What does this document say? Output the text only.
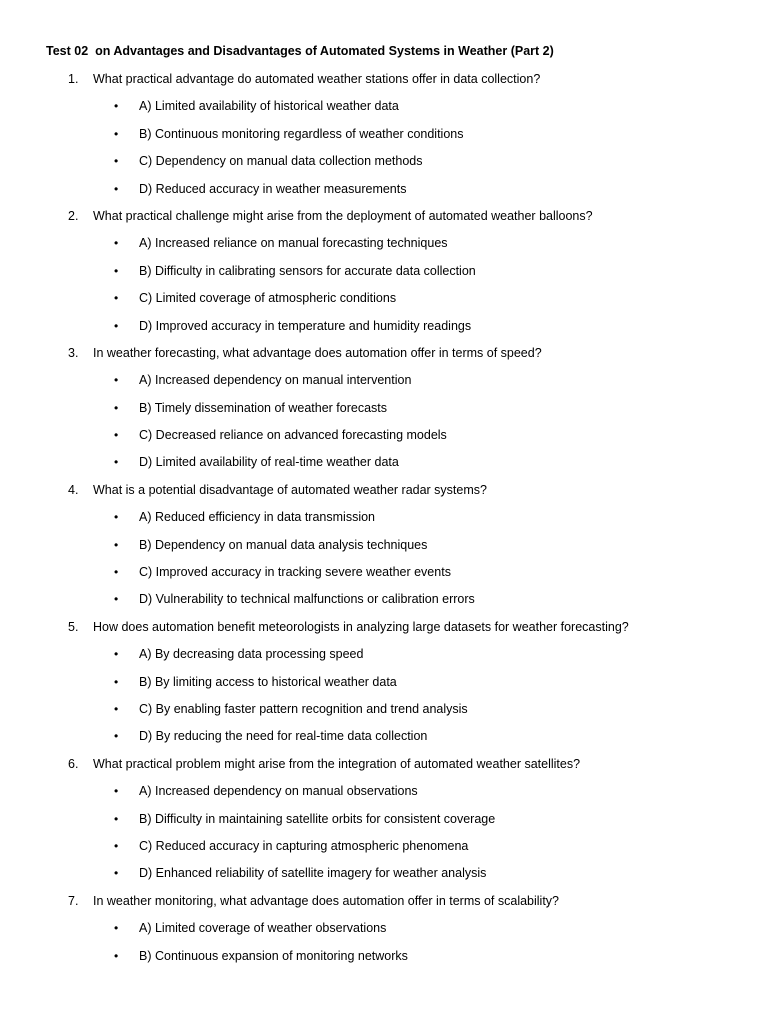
Test 02  on Advantages and Disadvantages of Automated Systems in Weather (Part 2)
1.	What practical advantage do automated weather stations offer in data collection?
• A) Limited availability of historical weather data
• B) Continuous monitoring regardless of weather conditions
• C) Dependency on manual data collection methods
• D) Reduced accuracy in weather measurements
2.	What practical challenge might arise from the deployment of automated weather balloons?
• A) Increased reliance on manual forecasting techniques
• B) Difficulty in calibrating sensors for accurate data collection
• C) Limited coverage of atmospheric conditions
• D) Improved accuracy in temperature and humidity readings
3.	In weather forecasting, what advantage does automation offer in terms of speed?
• A) Increased dependency on manual intervention
• B) Timely dissemination of weather forecasts
• C) Decreased reliance on advanced forecasting models
• D) Limited availability of real-time weather data
4.	What is a potential disadvantage of automated weather radar systems?
• A) Reduced efficiency in data transmission
• B) Dependency on manual data analysis techniques
• C) Improved accuracy in tracking severe weather events
• D) Vulnerability to technical malfunctions or calibration errors
5.	How does automation benefit meteorologists in analyzing large datasets for weather forecasting?
• A) By decreasing data processing speed
• B) By limiting access to historical weather data
• C) By enabling faster pattern recognition and trend analysis
• D) By reducing the need for real-time data collection
6.	What practical problem might arise from the integration of automated weather satellites?
• A) Increased dependency on manual observations
• B) Difficulty in maintaining satellite orbits for consistent coverage
• C) Reduced accuracy in capturing atmospheric phenomena
• D) Enhanced reliability of satellite imagery for weather analysis
7.	In weather monitoring, what advantage does automation offer in terms of scalability?
• A) Limited coverage of weather observations
• B) Continuous expansion of monitoring networks
